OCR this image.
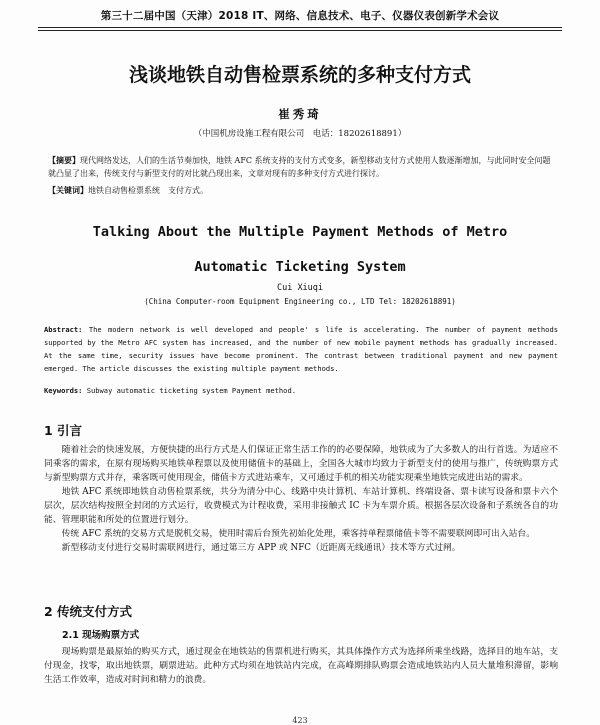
第三十二届中国（天津）2018 IT、网络、信息技术、电子、仪器仪表创新学术会议
浅谈地铁自动售检票系统的多种支付方式
崔秀琦
（中国机房设施工程有限公司　电话：18202618891）
【摘要】现代网络发达，人们的生活节奏加快，地铁 AFC 系统支持的支付方式变多，新型移动支付方式使用人数逐渐增加，与此同时安全问题就凸显了出来，传统支付与新型支付的对比就凸现出来，文章对现有的多种支付方式进行探讨。
【关键词】地铁自动售检票系统　支付方式。
Talking About the Multiple Payment Methods of Metro
Automatic Ticketing System
Cui Xiuqi
(China Computer-room Equipment Engineering co., LTD Tel: 18202618891)
Abstract: The modern network is well developed and people' s life is accelerating. The number of payment methods supported by the Metro AFC system has increased, and the number of new mobile payment methods has gradually increased. At the same time, security issues have become prominent. The contrast between traditional payment and new payment emerged. The article discusses the existing multiple payment methods.
Keywords: Subway automatic ticketing system Payment method.
1 引言

随着社会的快速发展，方便快捷的出行方式是人们保证正常生活工作的的必要保障，地铁成为了大多数人的出行首选。为适应不同乘客的需求，在原有现场购买地铁单程票以及使用储值卡的基础上，全国各大城市均致力于新型支付的使用与推广，传统购票方式与新型购票方式并存，乘客既可使用现金，储值卡方式进站乘车，又可通过手机的相关功能实现乘坐地铁完成进出站的需求。

地铁 AFC 系统即地铁自动售检票系统，共分为清分中心、线路中央计算机、车站计算机、终端设备、票卡读写设备和票卡六个层次，层次结构按照全封闭的方式运行，收费模式为计程收费，采用非接触式 IC 卡为车票介质。根据各层次设备和子系统各自的功能、管理职能和所处的位置进行划分。

传统 AFC 系统的交易方式是脱机交易，使用时需后台预先初始化处理，乘客持单程票储值卡等不需要联网即可出入站台。

新型移动支付进行交易时需联网进行，通过第三方 APP 或 NFC（近距离无线通讯）技术等方式过闸。

2 传统支付方式
2.1 现场购票方式

现场购票是最原始的购买方式，通过现金在地铁站的售票机进行购买，其具体操作方式为选择所乘坐线路，选择目的地车站，支付现金，找零，取出地铁票，刷票进站。此种方式均须在地铁站内完成，在高峰期排队购票会造成地铁站内人员大量堆积滞留，影响生活工作效率，造成对时间和精力的浪费。

423
